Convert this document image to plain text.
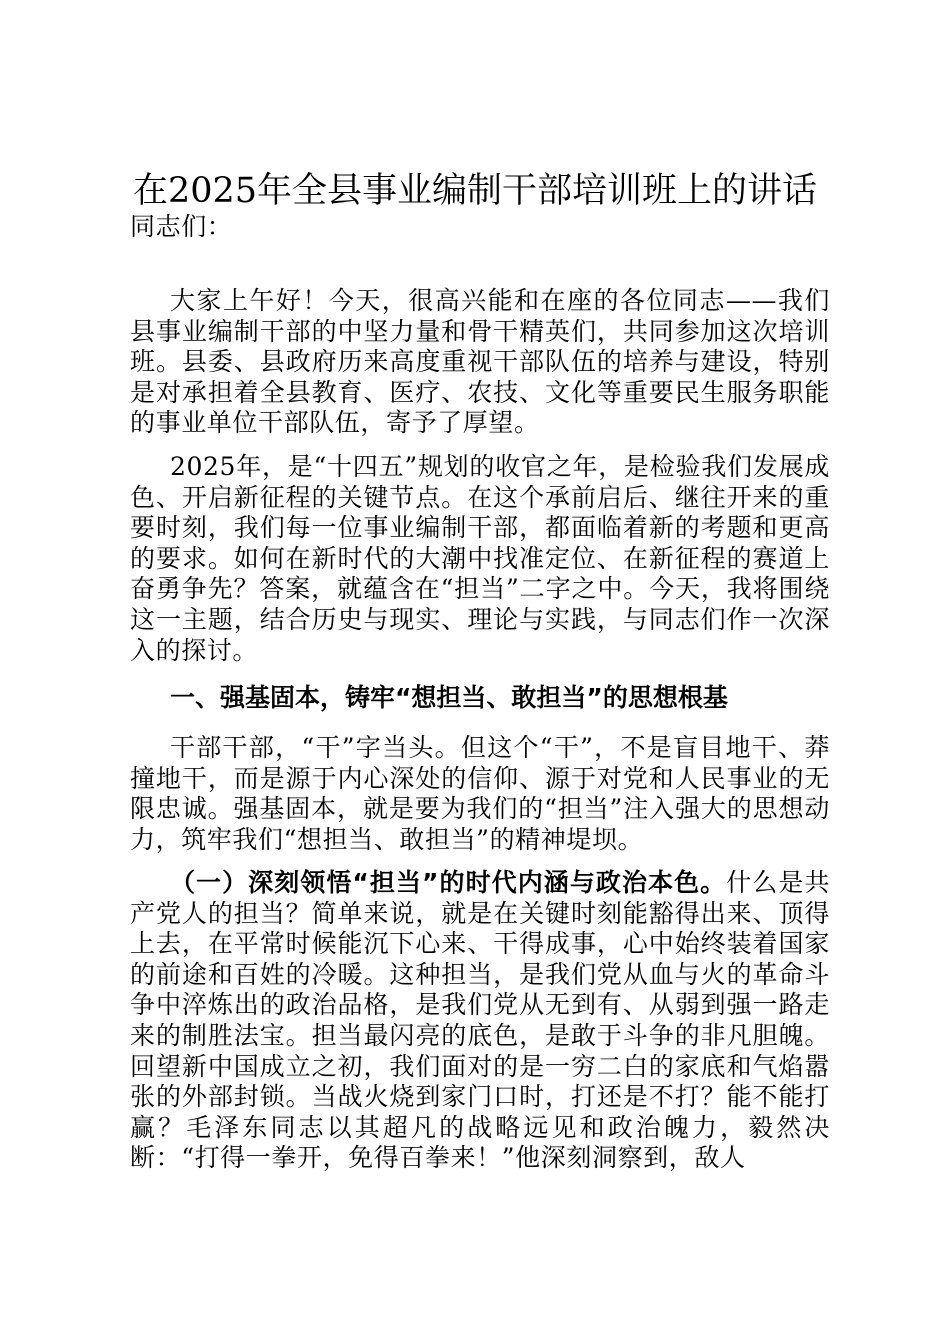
在2025年全县事业编制干部培训班上的讲话
同志们：
大家上午好！今天，很高兴能和在座的各位同志——我们县事业编制干部的中坚力量和骨干精英们，共同参加这次培训班。县委、县政府历来高度重视干部队伍的培养与建设，特别是对承担着全县教育、医疗、农技、文化等重要民生服务职能的事业单位干部队伍，寄予了厚望。
2025年，是“十四五”规划的收官之年，是检验我们发展成色、开启新征程的关键节点。在这个承前启后、继往开来的重要时刻，我们每一位事业编制干部，都面临着新的考题和更高的要求。如何在新时代的大潮中找准定位、在新征程的赛道上奋勇争先？答案，就蕴含在“担当”二字之中。今天，我将围绕这一主题，结合历史与现实、理论与实践，与同志们作一次深入的探讨。
一、强基固本，铸牢“想担当、敢担当”的思想根基
干部干部，“干”字当头。但这个“干”，不是盲目地干、莽撞地干，而是源于内心深处的信仰、源于对党和人民事业的无限忠诚。强基固本，就是要为我们的“担当”注入强大的思想动力，筑牢我们“想担当、敢担当”的精神堤坝。
（一）深刻领悟“担当”的时代内涵与政治本色。什么是共产党人的担当？简单来说，就是在关键时刻能豁得出来、顶得上去，在平常时候能沉下心来、干得成事，心中始终装着国家的前途和百姓的冷暖。这种担当，是我们党从血与火的革命斗争中淬炼出的政治品格，是我们党从无到有、从弱到强一路走来的制胜法宝。担当最闪亮的底色，是敢于斗争的非凡胆魄。回望新中国成立之初，我们面对的是一穷二白的家底和气焰嚣张的外部封锁。当战火烧到家门口时，打还是不打？能不能打赢？毛泽东同志以其超凡的战略远见和政治魄力，毅然决断：“打得一拳开，免得百拳来！”他深刻洞察到，敌人
